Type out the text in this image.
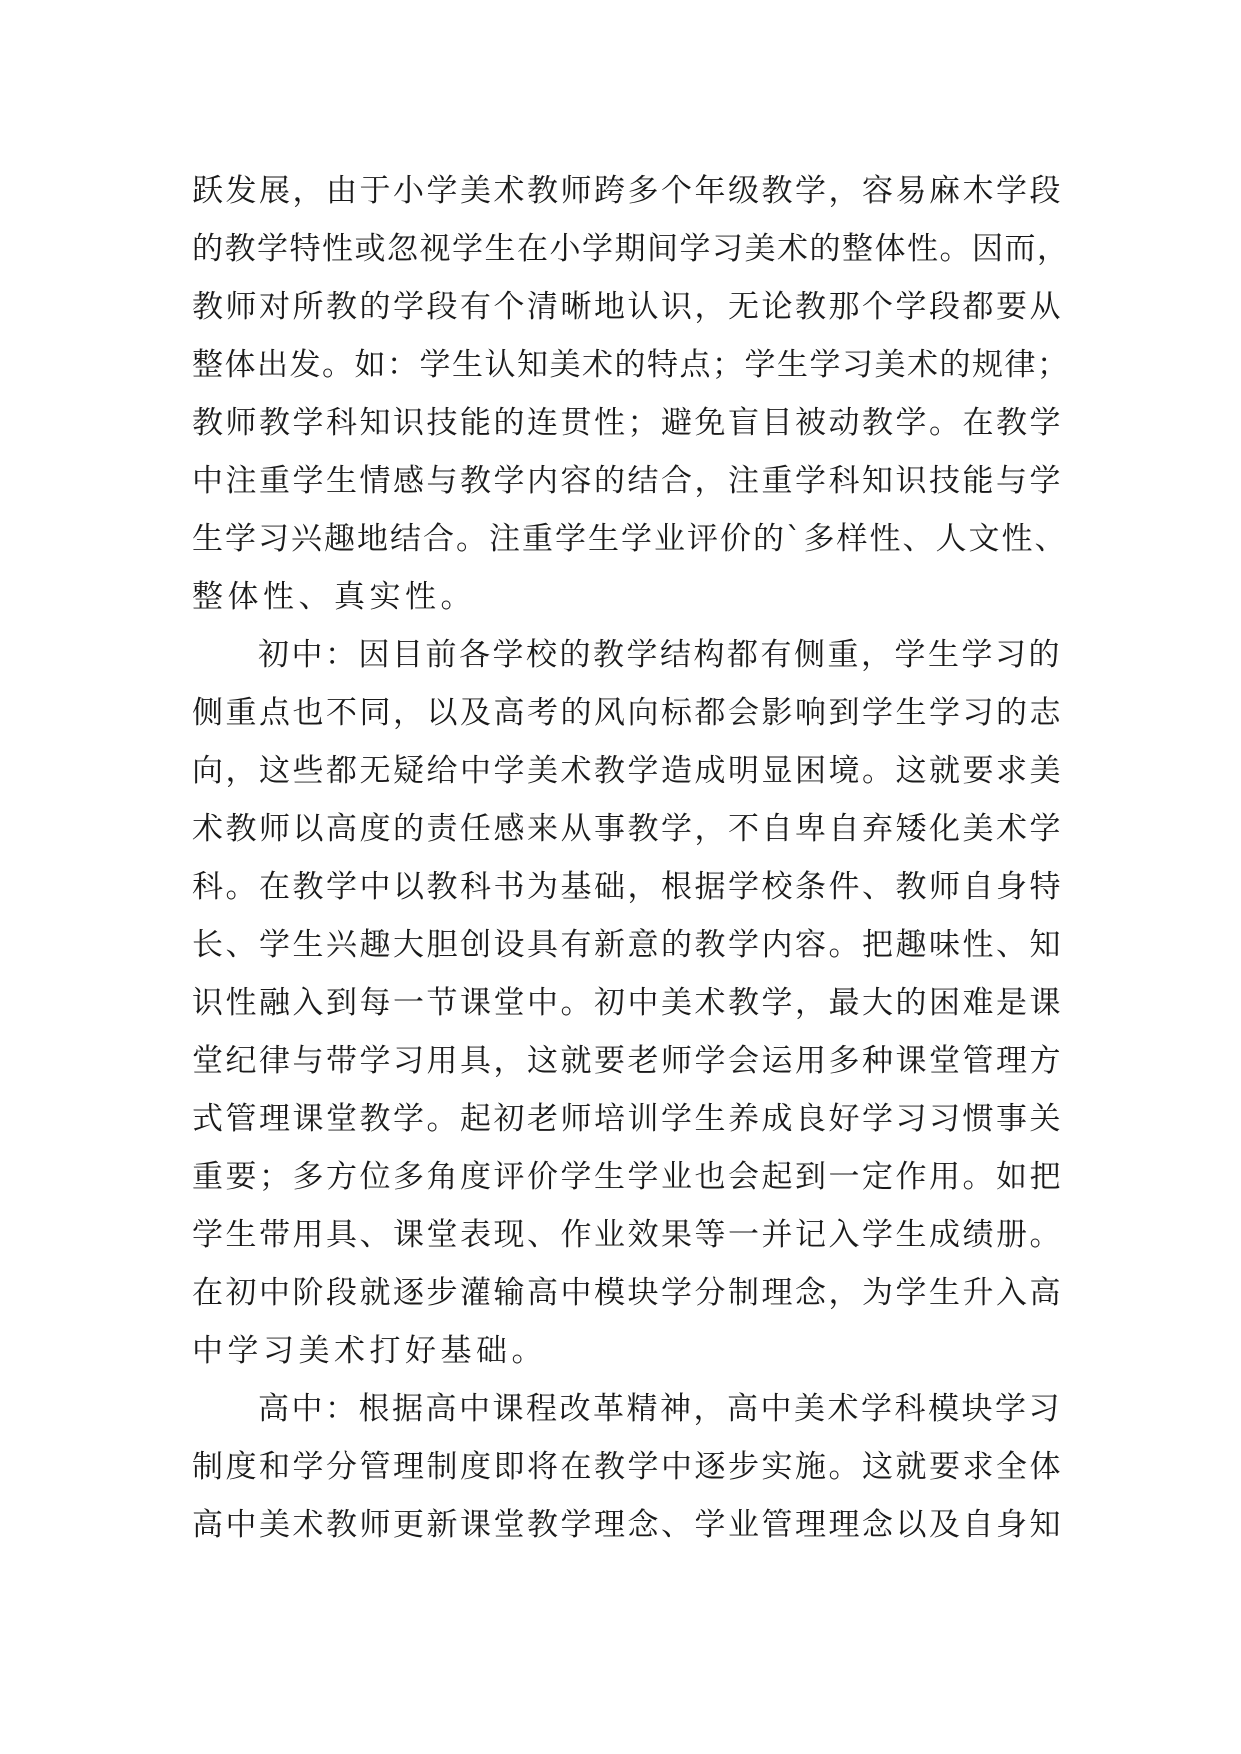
跃发展，由于小学美术教师跨多个年级教学，容易麻木学段
的教学特性或忽视学生在小学期间学习美术的整体性。因而，
教师对所教的学段有个清晰地认识，无论教那个学段都要从
整体出发。如：学生认知美术的特点；学生学习美术的规律；
教师教学科知识技能的连贯性；避免盲目被动教学。在教学
中注重学生情感与教学内容的结合，注重学科知识技能与学
生学习兴趣地结合。注重学生学业评价的`多样性、人文性、
整体性、真实性。
初中：因目前各学校的教学结构都有侧重，学生学习的
侧重点也不同，以及高考的风向标都会影响到学生学习的志
向，这些都无疑给中学美术教学造成明显困境。这就要求美
术教师以高度的责任感来从事教学，不自卑自弃矮化美术学
科。在教学中以教科书为基础，根据学校条件、教师自身特
长、学生兴趣大胆创设具有新意的教学内容。把趣味性、知
识性融入到每一节课堂中。初中美术教学，最大的困难是课
堂纪律与带学习用具，这就要老师学会运用多种课堂管理方
式管理课堂教学。起初老师培训学生养成良好学习习惯事关
重要；多方位多角度评价学生学业也会起到一定作用。如把
学生带用具、课堂表现、作业效果等一并记入学生成绩册。
在初中阶段就逐步灌输高中模块学分制理念，为学生升入高
中学习美术打好基础。
高中：根据高中课程改革精神，高中美术学科模块学习
制度和学分管理制度即将在教学中逐步实施。这就要求全体
高中美术教师更新课堂教学理念、学业管理理念以及自身知
